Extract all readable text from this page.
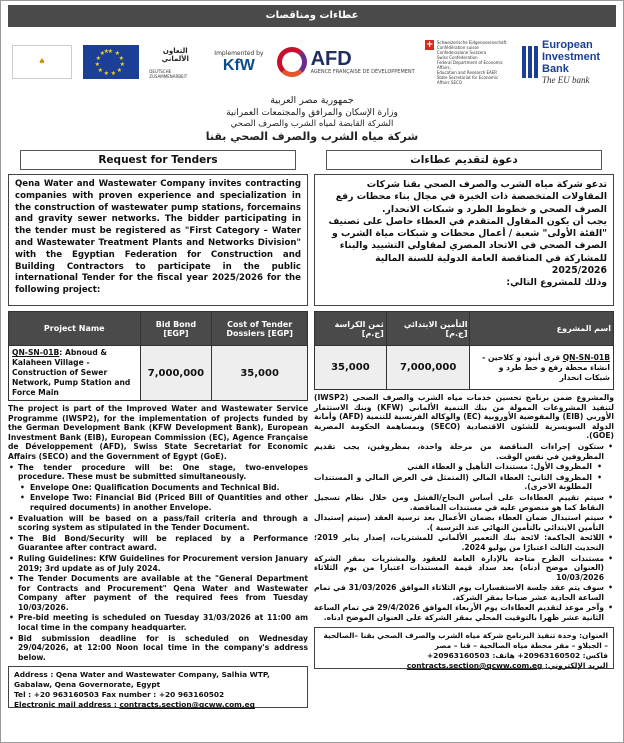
عطاءات ومناقصات
♠
★ ★
★
★
★
★
★
★
★
★
★
★	التعاون الألماني
DEUTSCHE ZUSAMMENARBEIT
Implemented by
KfW	AFD
AGENCE FRANÇAISE DE DÉVELOPPEMENT
+ Schweizerische Eidgenossenschaft
Confédération suisse
Confederazione Svizzera
Swiss Confederation
Federal Department of Economic Affairs,
Education and Research EAER
State Secretariat for Economic Affairs SECO
European Investment Bank
The EU bank
جمهورية مصر العربية
وزارة الإسكان والمرافق والمجتمعات العمرانية
الشركة القابضة لمياه الشرب والصرف الصحي
شركة مياه الشرب والصرف الصحي بقنا
Request for Tenders
Qena Water and Wastewater Company invites contracting companies with proven experience and specialization in the construction of wastewater pump stations, forcemains and gravity sewer networks. The bidder participating in the tender must be registered as "First Category – Water and Wastewater Treatment Plants and Networks Division" with the Egyptian Federation for Construction and Building Contractors to participate in the public international Tender for the fiscal year 2025/2026 for the following project:
Project Name	Bid Bond [EGP]	Cost of Tender Dossiers [EGP]
QN-SN-01B: Abnoud & Kalaheen Village - Construction of Sewer Network, Pump Station and Force Main	7,000,000	35,000
The project is part of the Improved Water and Wastewater Service Programme (IWSP2), for the implementation of projects funded by the German Development Bank (KFW Development Bank), European Investment Bank (EIB), European Commission (EC), Agence Française de Développement (AFD), Swiss State Secretariat for Economic Affairs (SECO) and the Government of Egypt (GoE).
• The tender procedure will be: One stage, two-envelopes procedure. These must be submitted simultaneously.
• Envelope One: Qualification Documents and Technical Bid.
• Envelope Two: Financial Bid (Priced Bill of Quantities and other required documents) in another Envelope.
• Evaluation will be based on a pass/fail criteria and through a scoring system as stipulated in the Tender Document.
• The Bid Bond/Security will be replaced by a Performance Guarantee after contract award.
• Ruling Guidelines: KfW Guidelines for Procurement version January 2019; 3rd update as of July 2024.
• The Tender Documents are available at the "General Department for Contracts and Procurement" Qena Water and Wastewater Company after payment of the required fees from Tuesday 10/03/2026.
• Pre-bid meeting is scheduled on Tuesday 31/03/2026 at 11:00 am local time in the company headquarter.
• Bid submission deadline for is scheduled on Wednesday 29/04/2026, at 12:00 Noon local time in the company's address below.
Address : Qena Water and Wastewater Company, Salhia WTP, Gabalaw, Qena Governorate, Egypt
Tel : +20 963160503 Fax number : +20 963160502
Electronic mail address : contracts.section@qcww.com.eg
دعوة لتقديم عطاءات
تدعو شركة مياه الشرب والصرف الصحي بقنا شركات المقاولات المتخصصة ذات الخبرة في مجال بناء محطات رفع الصرف الصحي و خطوط الطرد و شبكات الانحدار.
يجب أن يكون المقاول المتقدم في العطاء حاصل على تصنيف "الفئة الأولى" شعبة / أعمال محطات و شبكات مياة الشرب و الصرف الصحي في الاتحاد المصري لمقاولي التشييد والبناء للمشاركة في المناقصة العامة الدولية للسنة المالية 2025/2026
وذلك للمشروع التالي:
اسم المشروع	التأمين الابتدائي [ج.م]	ثمن الكراسة [ج.م]
QN-SN-01B قرى أبنود و كلاحين - انشاء محطة رفع و خط طرد و شبكات انحدار	7,000,000	35,000
والمشروع ضمن برنامج تحسين خدمات مياه الشرب والصرف الصحي (IWSP2) لتنفيذ المشروعات الممولة من بنك التنمية الألماني (KFW) وبنك الاستثمار الأوربي (EIB) والمفوضية الأوروبية (EC) والوكالة الفرنسية للتنمية (AFD) وأمانة الدولة السويسرية للشئون الاقتصادية (SECO) وبمساهمة الحكومة المصرية (GOE).
• ستكون إجراءات المناقصة من مرحلة واحدة، بمظروفين، يجب تقديم المظروفين في نفس الوقت.
• المظروف الأول: مستندات التأهيل و العطاء الفني
• المظروف الثاني: العطاء المالي (المتمثل في العرض المالي و المستندات المطلوبة الاخرى).
• سيتم تقييم العطاءات على أساس النجاح/الفشل ومن خلال نظام تسجيل النقاط كما هو منصوص عليه في مستندات المناقصة.
• سيتم استبدال ضمان العطاء بضمان الأعمال بعد ترسية العقد (سيتم إستبدال التأمين الابتدائي بالتأمين النهائي عند الترسية ).
• اللائحة الحاكمة: لائحة بنك التعمير الألماني للمشتريات، إصدار يناير 2019؛ التحديث الثالث اعتبارًا من يوليو 2024.
• مستندات الطرح متاحة بالإدارة العامة للعقود والمشتريات بمقر الشركة (العنوان موضح أدناه) بعد سداد قيمة المستندات اعتبارا من يوم الثلاثاء 10/03/2026
• سوف يتم عقد جلسة الاستفسارات يوم الثلاثاء الموافق 31/03/2026 في تمام الساعة الحادية عشر صباحا بمقر الشركة.
• وآخر موعد لتقديم العطاءات يوم الأربعاء الموافق 29/4/2026 في تمام الساعة الثانية عشر ظهرا بالتوقيت المحلي بمقر الشركة على العنوان الموضح ادناه.
العنوان: وحدة تنفيذ البرنامج شركة مياه الشرب والصرف الصحي بقنا –الصالحية – الجبلاو – مقر محطة مياه الصالحية – قنا – مصر
فاكس: 20963160502+ هاتف: 20963160503+
البريد الإلكتروني: contracts.section@qcww.com.eg
